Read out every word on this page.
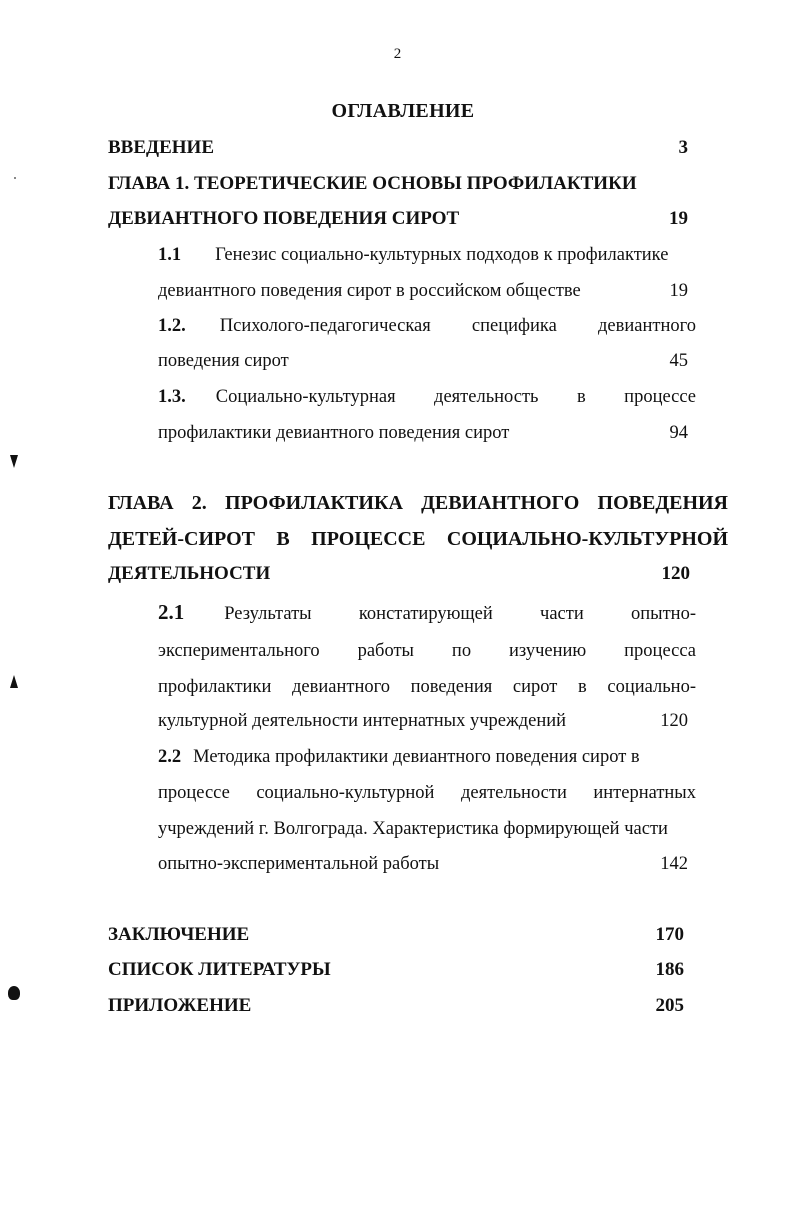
2
ОГЛАВЛЕНИЕ
ВВЕДЕНИЕ	3
ГЛАВА 1. ТЕОРЕТИЧЕСКИЕ ОСНОВЫ ПРОФИЛАКТИКИ
ДЕВИАНТНОГО ПОВЕДЕНИЯ СИРОТ	19
1.1 Генезис социально-культурных подходов к профилактике
девиантного поведения сирот в российском обществе	19
1.2. Психолого-педагогическая специфика девиантного
поведения сирот	45
1.3. Социально-культурная деятельность в процессе
профилактики девиантного поведения сирот	94
ГЛАВА 2. ПРОФИЛАКТИКА ДЕВИАНТНОГО ПОВЕДЕНИЯ
ДЕТЕЙ-СИРОТ В ПРОЦЕССЕ СОЦИАЛЬНО-КУЛЬТУРНОЙ
ДЕЯТЕЛЬНОСТИ	120
2.1 Результаты констатирующей части опытно-
экспериментального работы по изучению процесса
профилактики девиантного поведения сирот в социально-
культурной деятельности интернатных учреждений	120
2.2 Методика профилактики девиантного поведения сирот в
процессе социально-культурной деятельности интернатных
учреждений г. Волгограда. Характеристика формирующей части
опытно-экспериментальной работы	142
ЗАКЛЮЧЕНИЕ	170
СПИСОК ЛИТЕРАТУРЫ	186
ПРИЛОЖЕНИЕ	205
